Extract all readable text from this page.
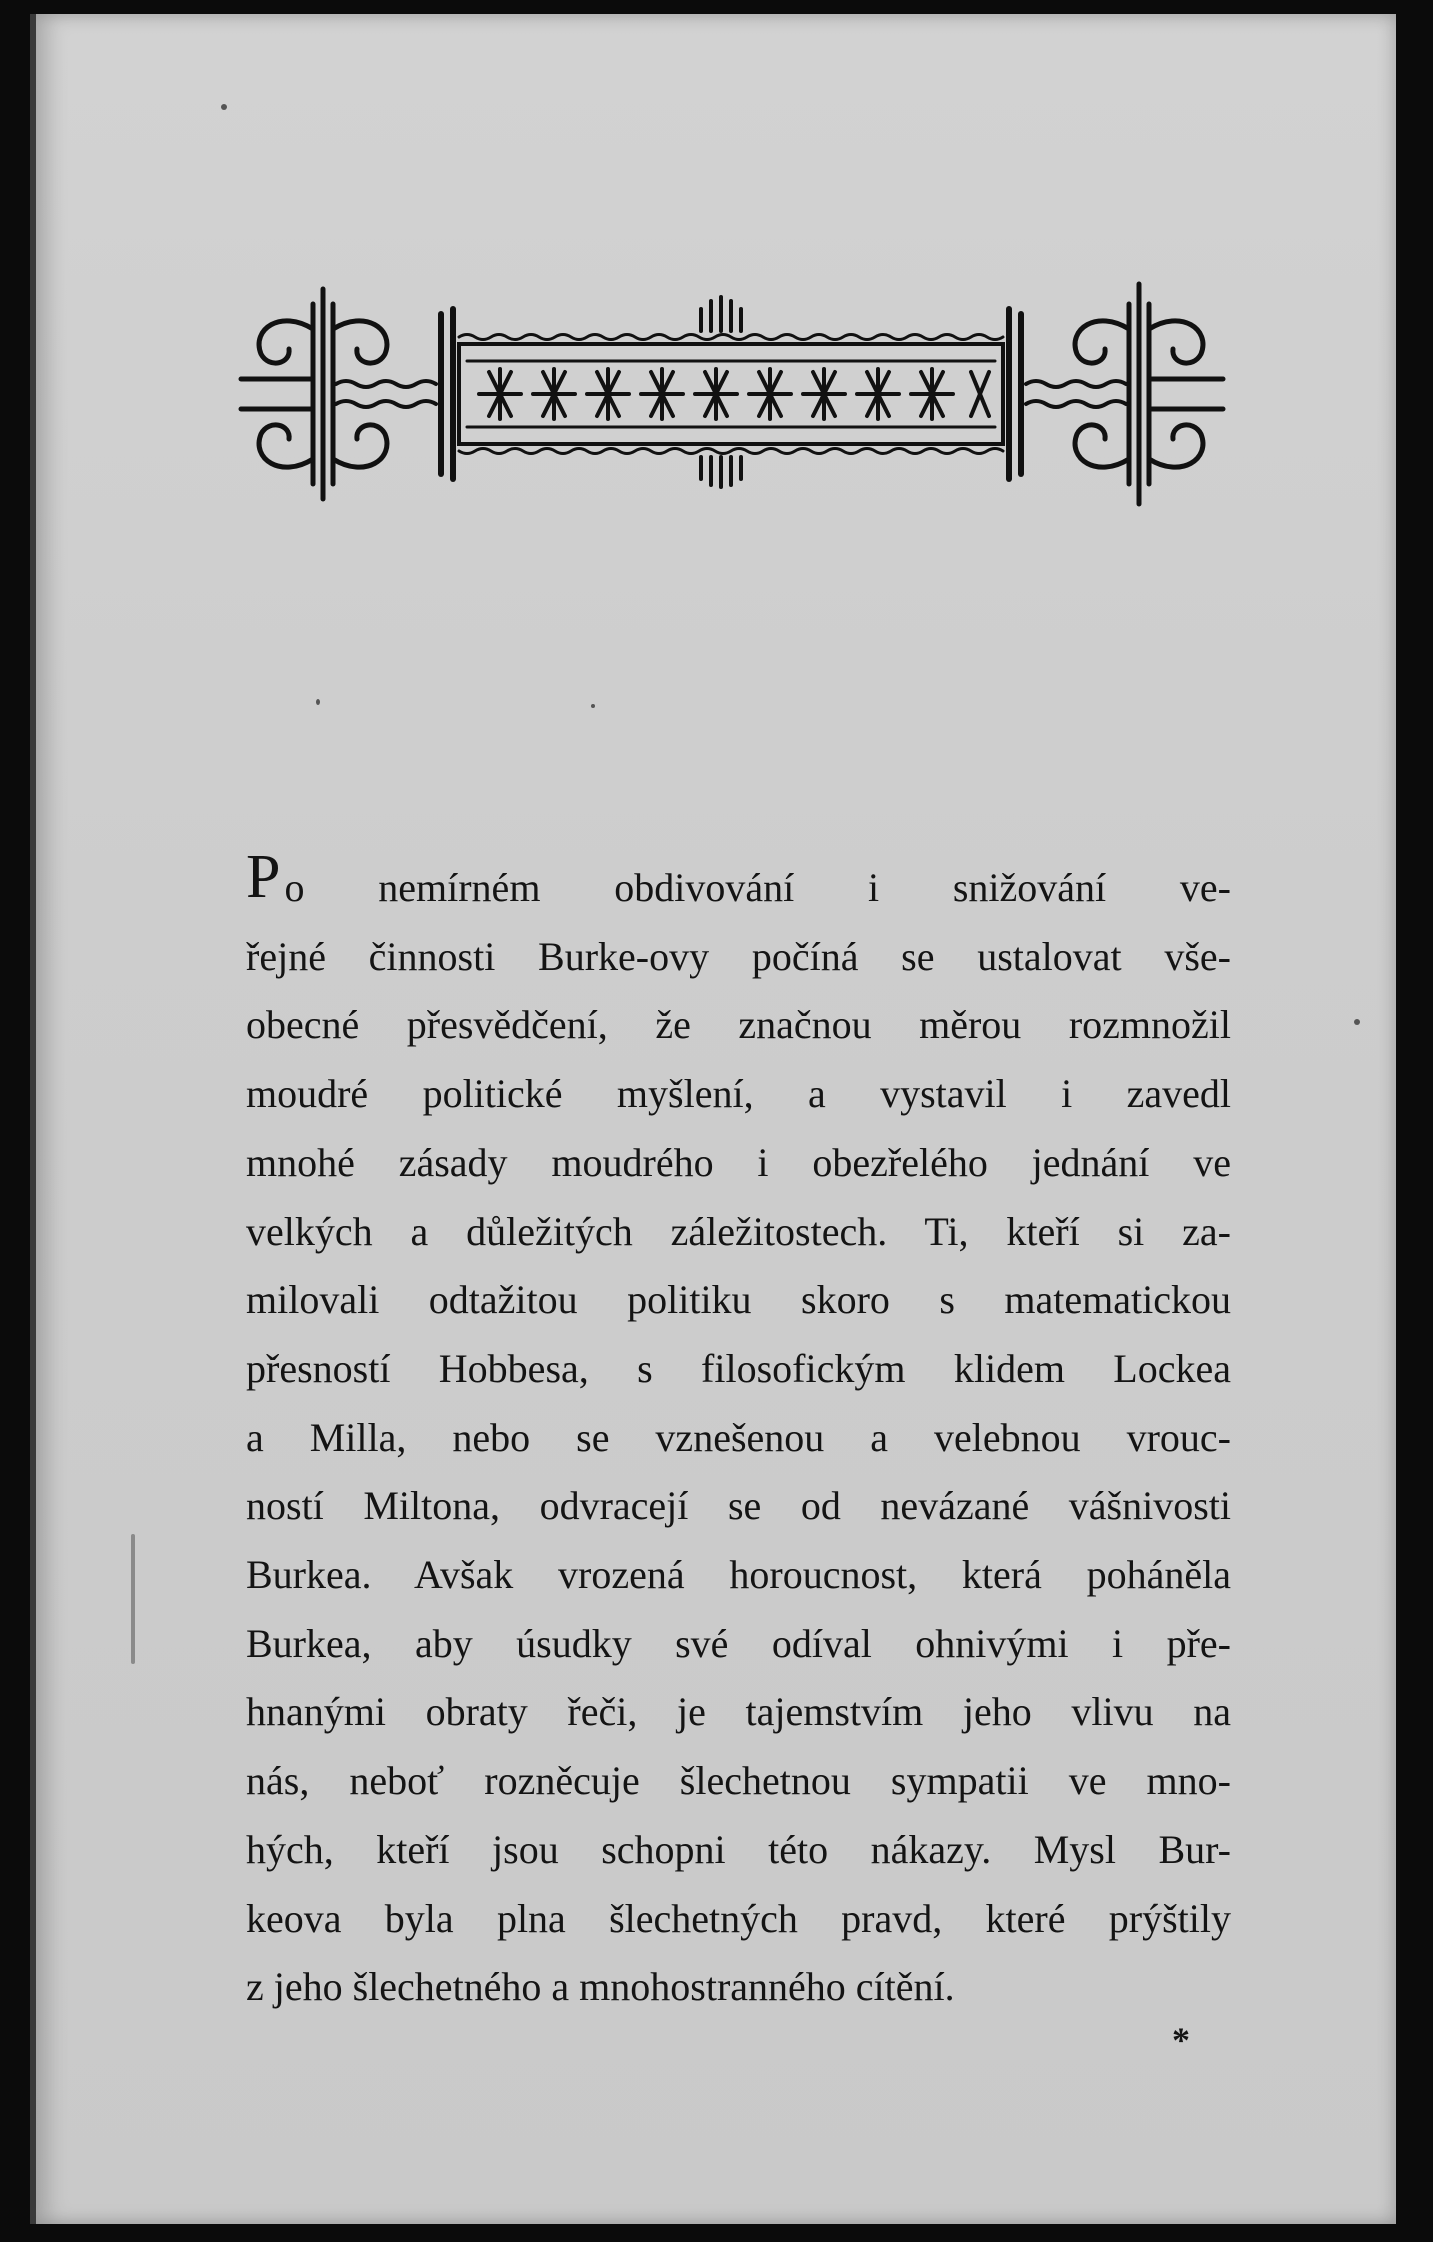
Po nemírném obdivování i snižování ve-
řejné činnosti Burke-ovy počíná se ustalovat vše-
obecné přesvědčení, že značnou měrou rozmnožil
moudré politické myšlení, a vystavil i zavedl
mnohé zásady moudrého i obezřelého jednání ve
velkých a důležitých záležitostech. Ti, kteří si za-
milovali odtažitou politiku skoro s matematickou
přesností Hobbesa, s filosofickým klidem Lockea
a Milla, nebo se vznešenou a velebnou vrouc-
ností Miltona, odvracejí se od nevázané vášnivosti
Burkea. Avšak vrozená horoucnost, která poháněla
Burkea, aby úsudky své odíval ohnivými i pře-
hnanými obraty řeči, je tajemstvím jeho vlivu na
nás, neboť rozněcuje šlechetnou sympatii ve mno-
hých, kteří jsou schopni této nákazy. Mysl Bur-
keova byla plna šlechetných pravd, které prýštily
z jeho šlechetného a mnohostranného cítění.
*
